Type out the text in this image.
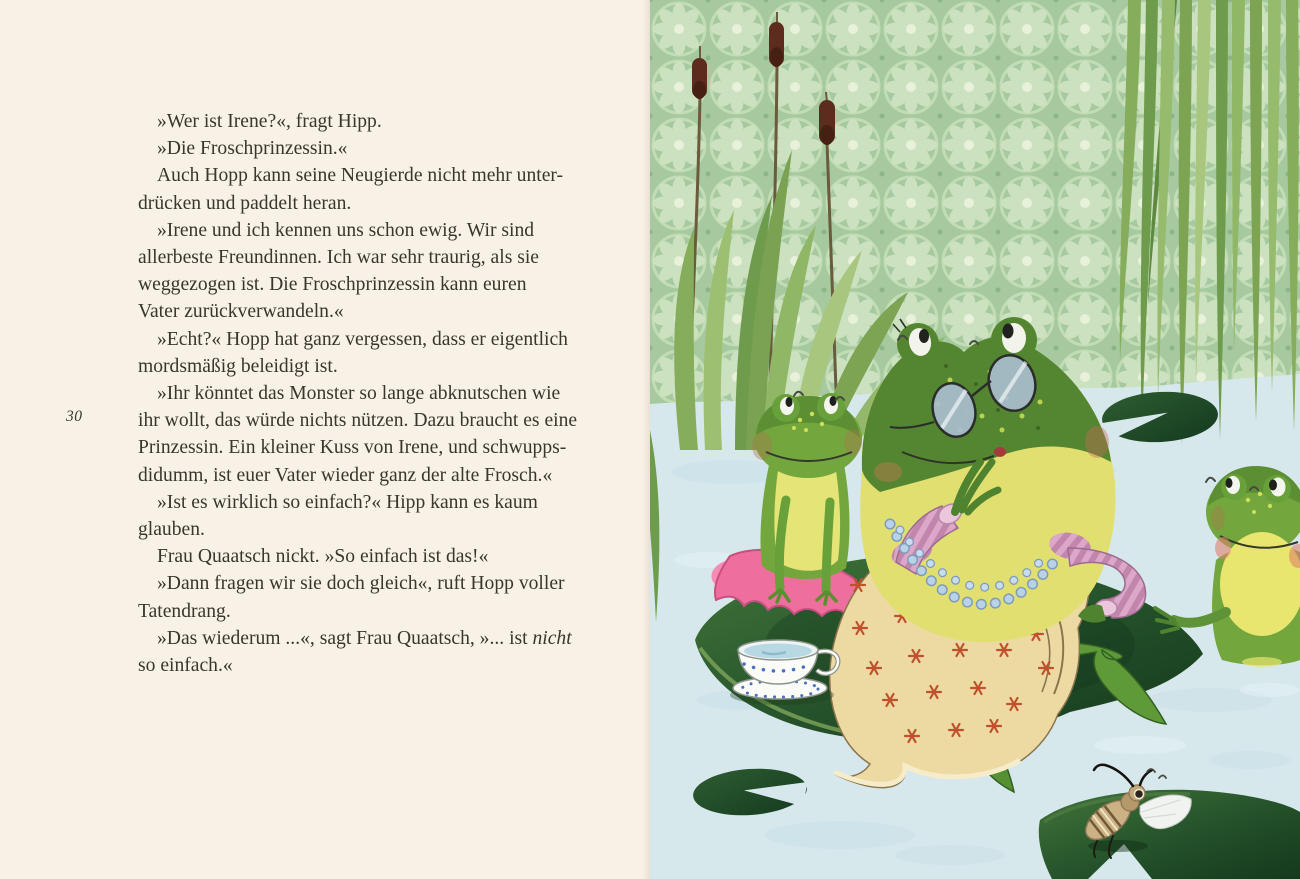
30
»Wer ist Irene?«, fragt Hipp.
»Die Froschprinzessin.«
Auch Hopp kann seine Neugierde nicht mehr unter-
drücken und paddelt heran.
»Irene und ich kennen uns schon ewig. Wir sind
allerbeste Freundinnen. Ich war sehr traurig, als sie
weggezogen ist. Die Froschprinzessin kann euren
Vater zurückverwandeln.«
»Echt?« Hopp hat ganz vergessen, dass er eigentlich
mordsmäßig beleidigt ist.
»Ihr könntet das Monster so lange abknutschen wie
ihr wollt, das würde nichts nützen. Dazu braucht es eine
Prinzessin. Ein kleiner Kuss von Irene, und schwupps-
didumm, ist euer Vater wieder ganz der alte Frosch.«
»Ist es wirklich so einfach?« Hipp kann es kaum
glauben.
Frau Quaatsch nickt. »So einfach ist das!«
»Dann fragen wir sie doch gleich«, ruft Hopp voller
Tatendrang.
»Das wiederum ...«, sagt Frau Quaatsch, »... ist nicht
so einfach.«
